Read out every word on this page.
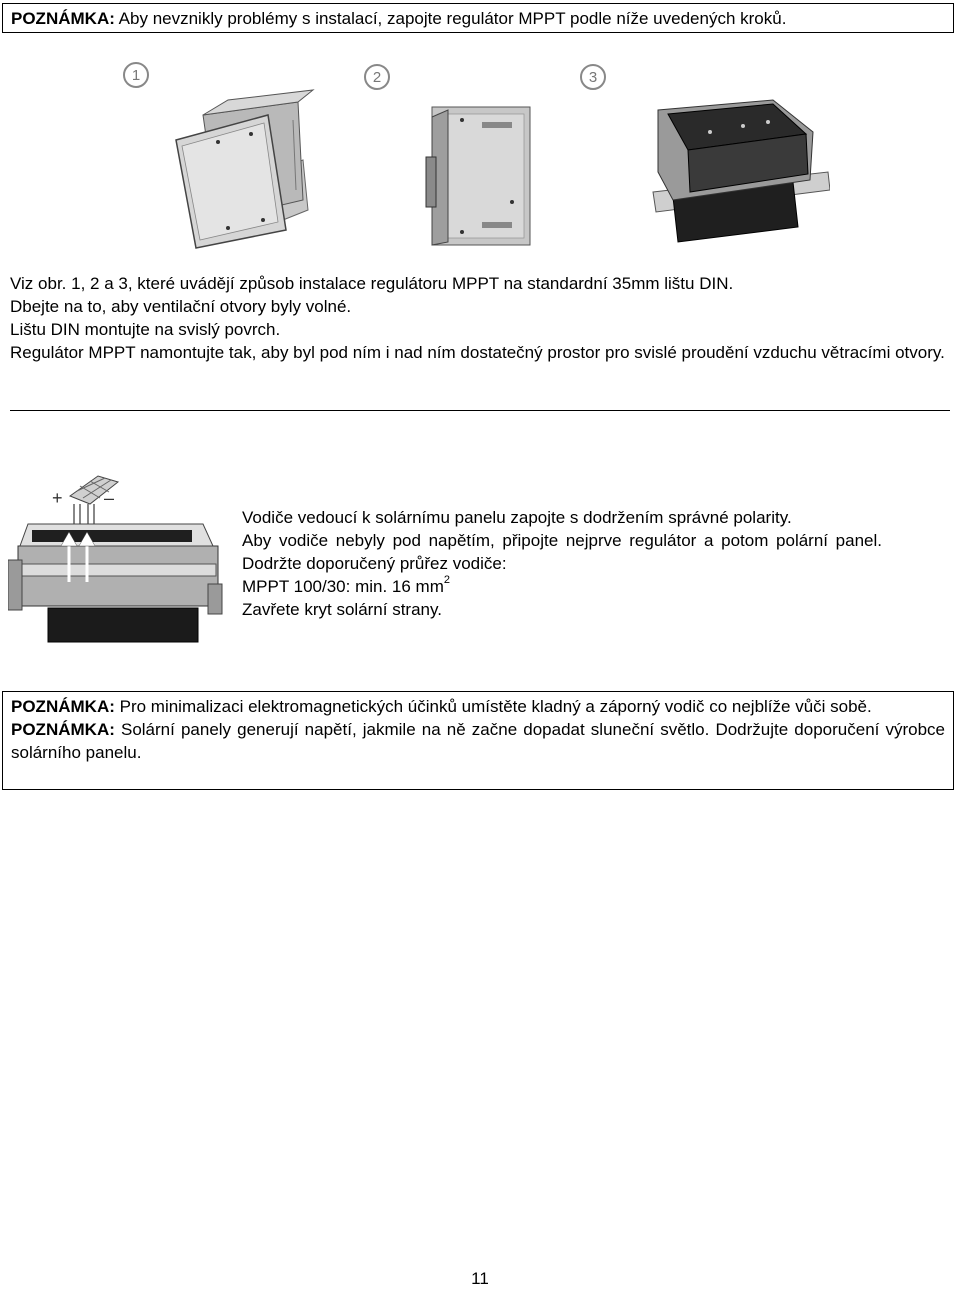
POZNÁMKA: Aby nevznikly problémy s instalací, zapojte regulátor MPPT podle níže uvedených kroků.
1	2	3
Viz obr. 1, 2 a 3, které uvádějí způsob instalace regulátoru MPPT na standardní 35mm lištu DIN.
Dbejte na to, aby ventilační otvory byly volné.
Lištu DIN montujte na svislý povrch.
Regulátor MPPT namontujte tak, aby byl pod ním i nad ním dostatečný prostor pro svislé proudění vzduchu větracími otvory.
+ –
Vodiče vedoucí k solárnímu panelu zapojte s dodržením správné polarity.
Aby vodiče nebyly pod napětím, připojte nejprve regulátor a potom polární panel.Dodržte doporučený průřez vodiče:
MPPT 100/30: min. 16 $mm^2$
Zavřete kryt solární strany.

POZNÁMKA: Pro minimalizaci elektromagnetických účinků umístěte kladný a záporný vodič co nejblíže vůči sobě.

POZNÁMKA: Solární panely generují napětí, jakmile na ně začne dopadat sluneční světlo. Dodržujte doporučení výrobce solárního panelu.

11
